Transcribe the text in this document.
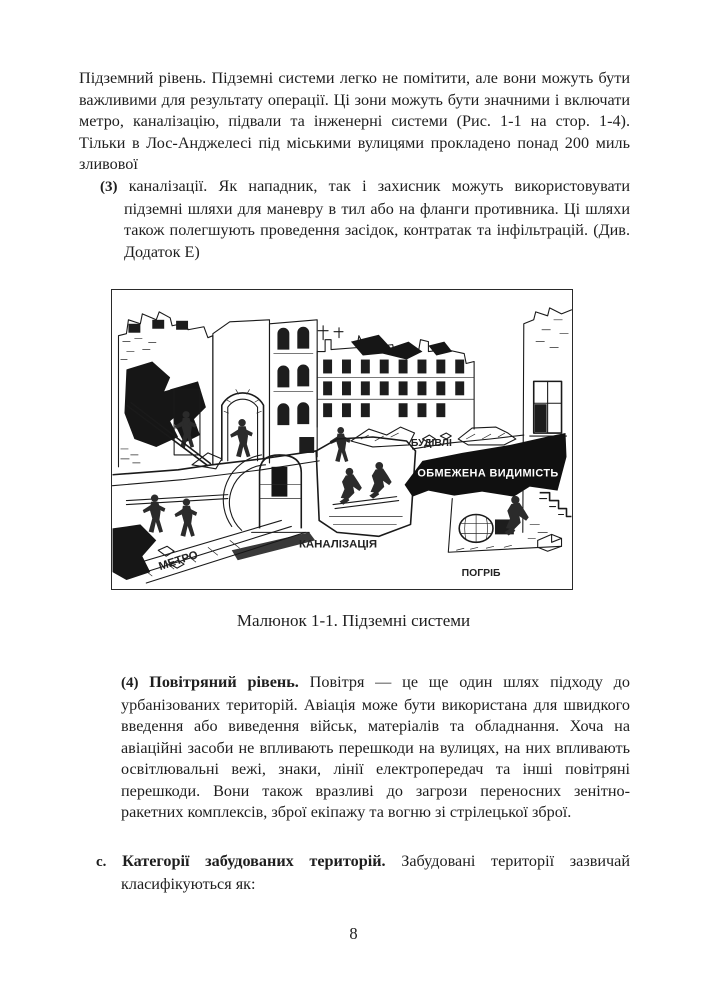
Підземний рівень. Підземні системи легко не помітити, але вони можуть бути важливими для результату операції. Ці зони можуть бути значними і включати метро, каналізацію, підвали та інженерні системи (Рис. 1-1 на стор. 1-4). Тільки в Лос-Анджелесі під міськими вулицями прокладено понад 200 миль зливової

(3) каналізації. Як нападник, так і захисник можуть використовувати підземні шляхи для маневру в тил або на фланги противника. Ці шляхи також полегшують проведення засідок, контратак та інфільтрацій. (Див. Додаток Е)

БУДІВЛІ
МЕТРО
КАНАЛІЗАЦІЯ
ОБМЕЖЕНА ВИДИМІСТЬ
ПОГРІБ
Малюнок 1-1. Підземні системи

(4) Повітряний рівень. Повітря — це ще один шлях підходу до урбанізованих територій. Авіація може бути використана для швидкого введення або виведення військ, матеріалів та обладнання. Хоча на авіаційні засоби не впливають перешкоди на вулицях, на них впливають освітлювальні вежі, знаки, лінії електропередач та інші повітряні перешкоди. Вони також вразливі до загрози переносних зенітно-ракетних комплексів, зброї екіпажу та вогню зі стрілецької зброї.

c. Категорії забудованих територій. Забудовані території зазвичай класифікуються як:

8
